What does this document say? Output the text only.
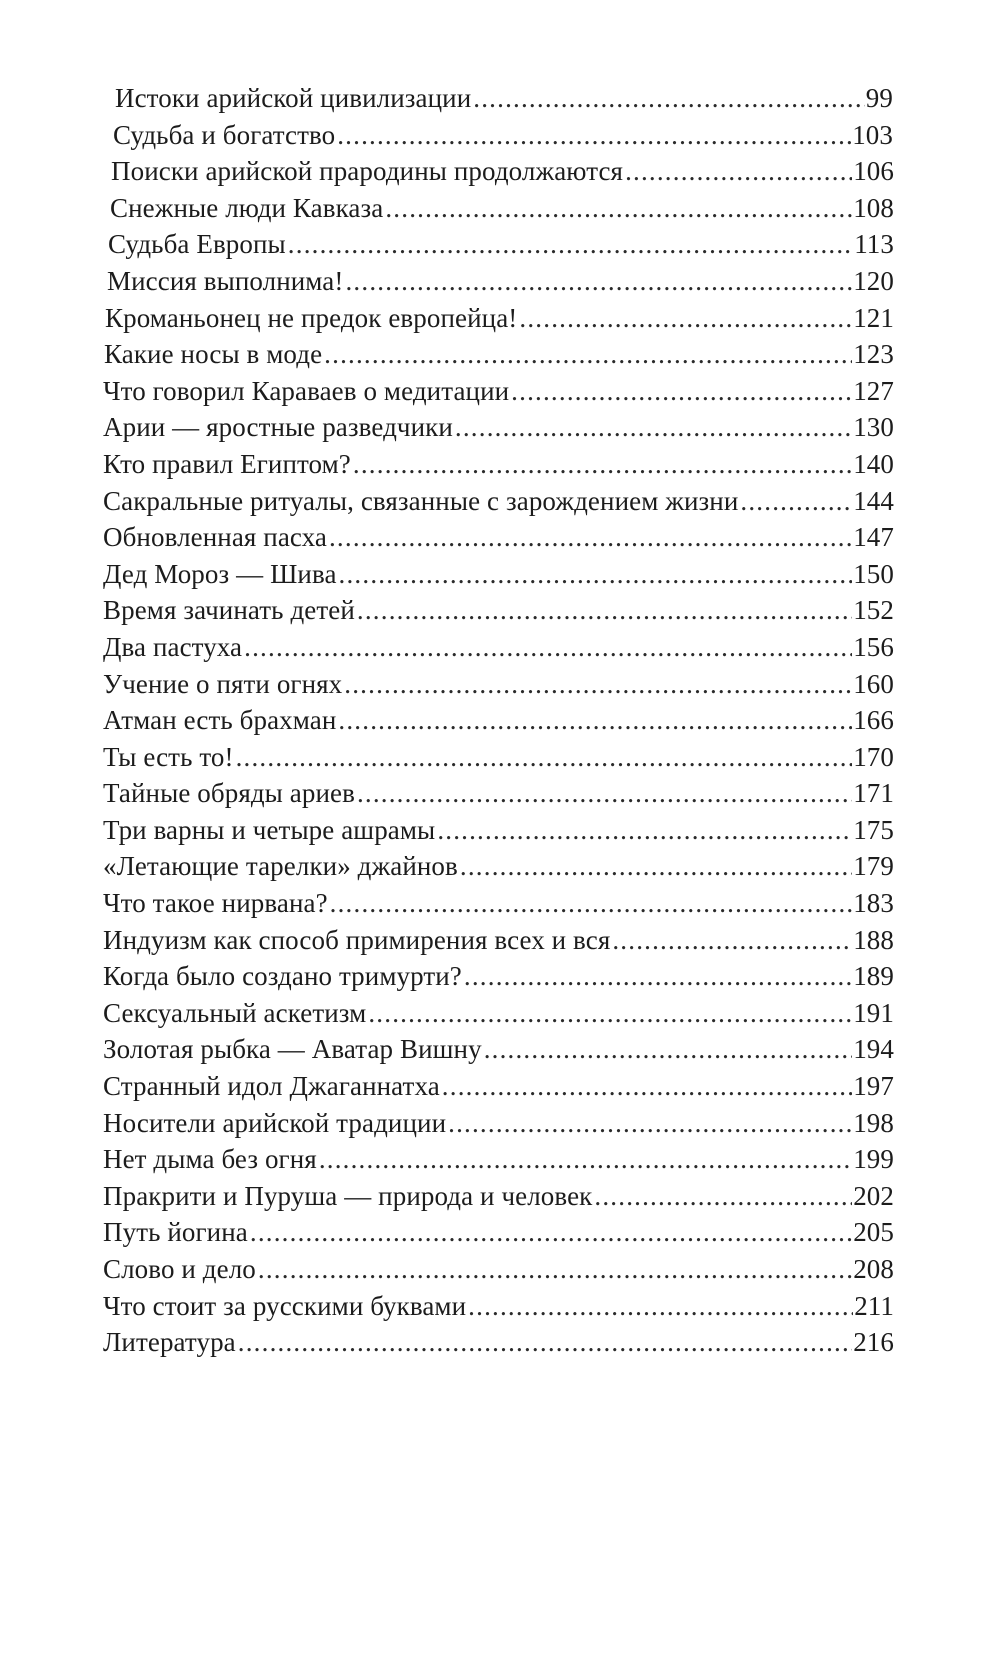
Истоки арийской цивилизации .....	99
Судьба и богатство .....	103
Поиски арийской прародины продолжаются .....	106
Снежные люди Кавказа .....	108
Судьба Европы .....	113
Миссия выполнима! .....	120
Кроманьонец не предок европейца! .....	121
Какие носы в моде .....	123
Что говорил Караваев о медитации .....	127
Арии — яростные разведчики .....	130
Кто правил Египтом? .....	140
Сакральные ритуалы, связанные с зарождением жизни .....	144
Обновленная пасха .....	147
Дед Мороз — Шива .....	150
Время зачинать детей .....	152
Два пастуха .....	156
Учение о пяти огнях .....	160
Атман есть брахман .....	166
Ты есть то! .....	170
Тайные обряды ариев .....	171
Три варны и четыре ашрамы .....	175
«Летающие тарелки» джайнов .....	179
Что такое нирвана? .....	183
Индуизм как способ примирения всех и вся .....	188
Когда было создано тримурти? .....	189
Сексуальный аскетизм .....	191
Золотая рыбка — Аватар Вишну .....	194
Странный идол Джаганнатха .....	197
Носители арийской традиции .....	198
Нет дыма без огня .....	199
Пракрити и Пуруша — природа и человек .....	202
Путь йогина .....	205
Слово и дело .....	208
Что стоит за русскими буквами .....	211
Литература .....	216
